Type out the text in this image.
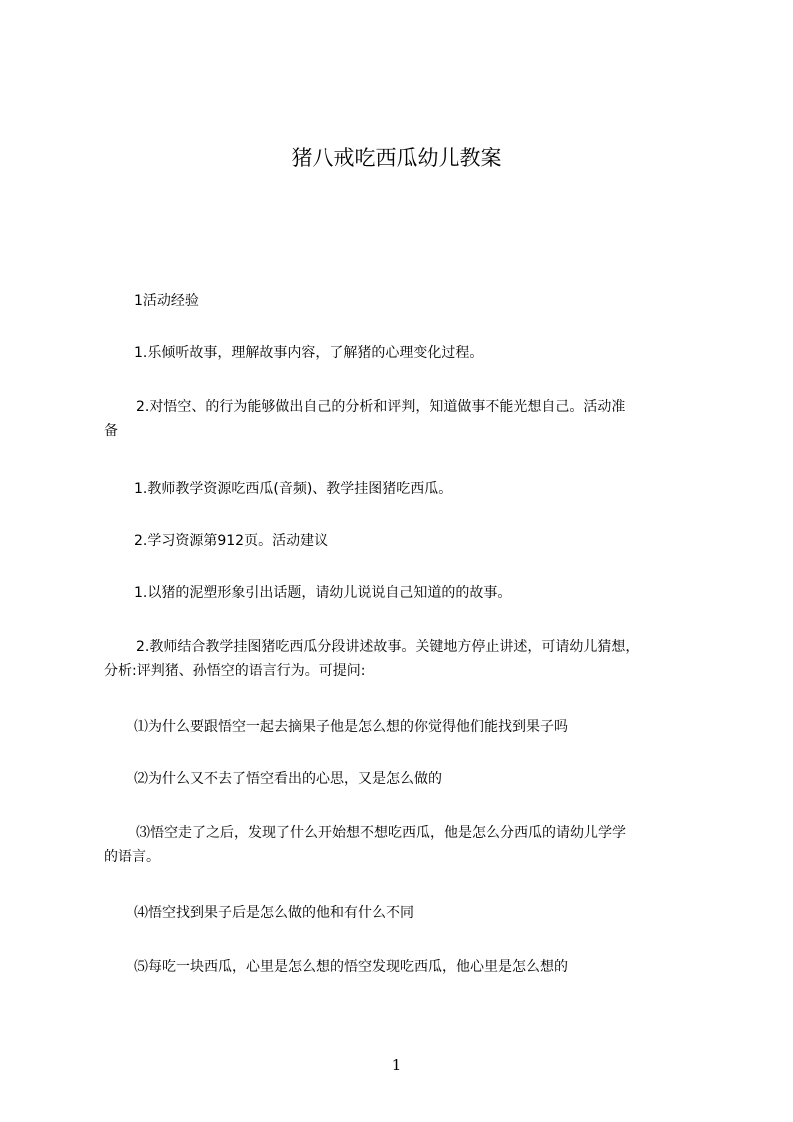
猪八戒吃西瓜幼儿教案

1活动经验

1.乐倾听故事，理解故事内容，了解猪的心理变化过程。

2.对悟空、的行为能够做出自己的分析和评判，知道做事不能光想自己。活动准

备

1.教师教学资源吃西瓜(音频)、教学挂图猪吃西瓜。

2.学习资源第912页。活动建议

1.以猪的泥塑形象引出话题，请幼儿说说自己知道的的故事。

2.教师结合教学挂图猪吃西瓜分段讲述故事。关键地方停止讲述，可请幼儿猜想，

分析:评判猪、孙悟空的语言行为。可提问:

⑴为什么要跟悟空一起去摘果子他是怎么想的你觉得他们能找到果子吗

⑵为什么又不去了悟空看出的心思，又是怎么做的

⑶悟空走了之后，发现了什么开始想不想吃西瓜，他是怎么分西瓜的请幼儿学学

的语言。

⑷悟空找到果子后是怎么做的他和有什么不同

⑸每吃一块西瓜，心里是怎么想的悟空发现吃西瓜，他心里是怎么想的

1
